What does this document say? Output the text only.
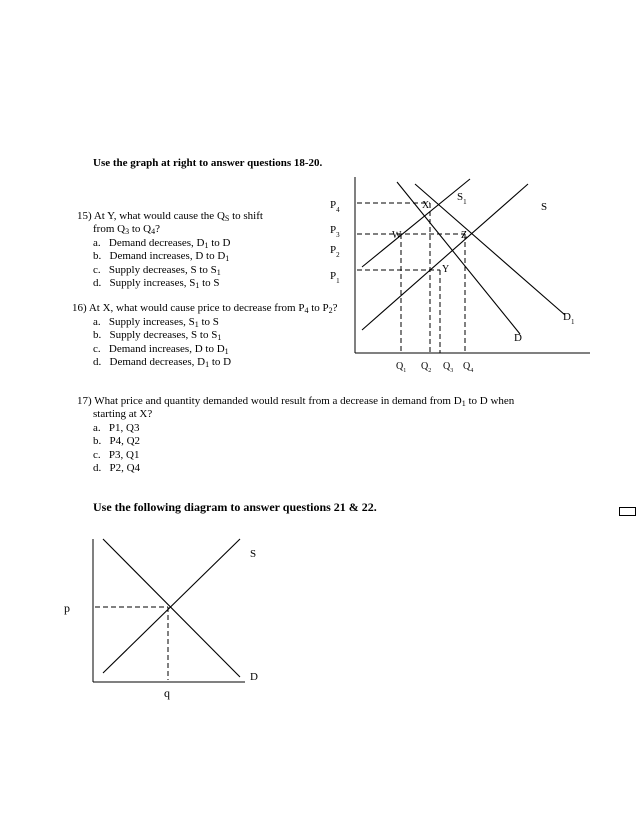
Use the graph at right to answer questions 18-20.
15) At Y, what would cause the QS to shift
from Q3 to Q4?
a. Demand decreases, D1 to D
b. Demand increases, D to D1
c. Supply decreases, S to S1
d. Supply increases, S1 to S
16) At X, what would cause price to decrease from P4 to P2?
a. Supply increases, S1 to S
b. Supply decreases, S to S1
c. Demand increases, D to D1
d. Demand decreases, D1 to D
17) What price and quantity demanded would result from a decrease in demand from D1 to D when
starting at X?
a. P1, Q3
b. P4, Q2
c. P3, Q1
d. P2, Q4
Use the following diagram to answer questions 21 & 22.
$P_4$
$P_3$
$P_2$
$P_1$
$Q_1$ $Q_2$ $Q_3$ $Q_4$
$S_1$	S
$D_1$
D
X
W	Z
Y
p
q
S
D
